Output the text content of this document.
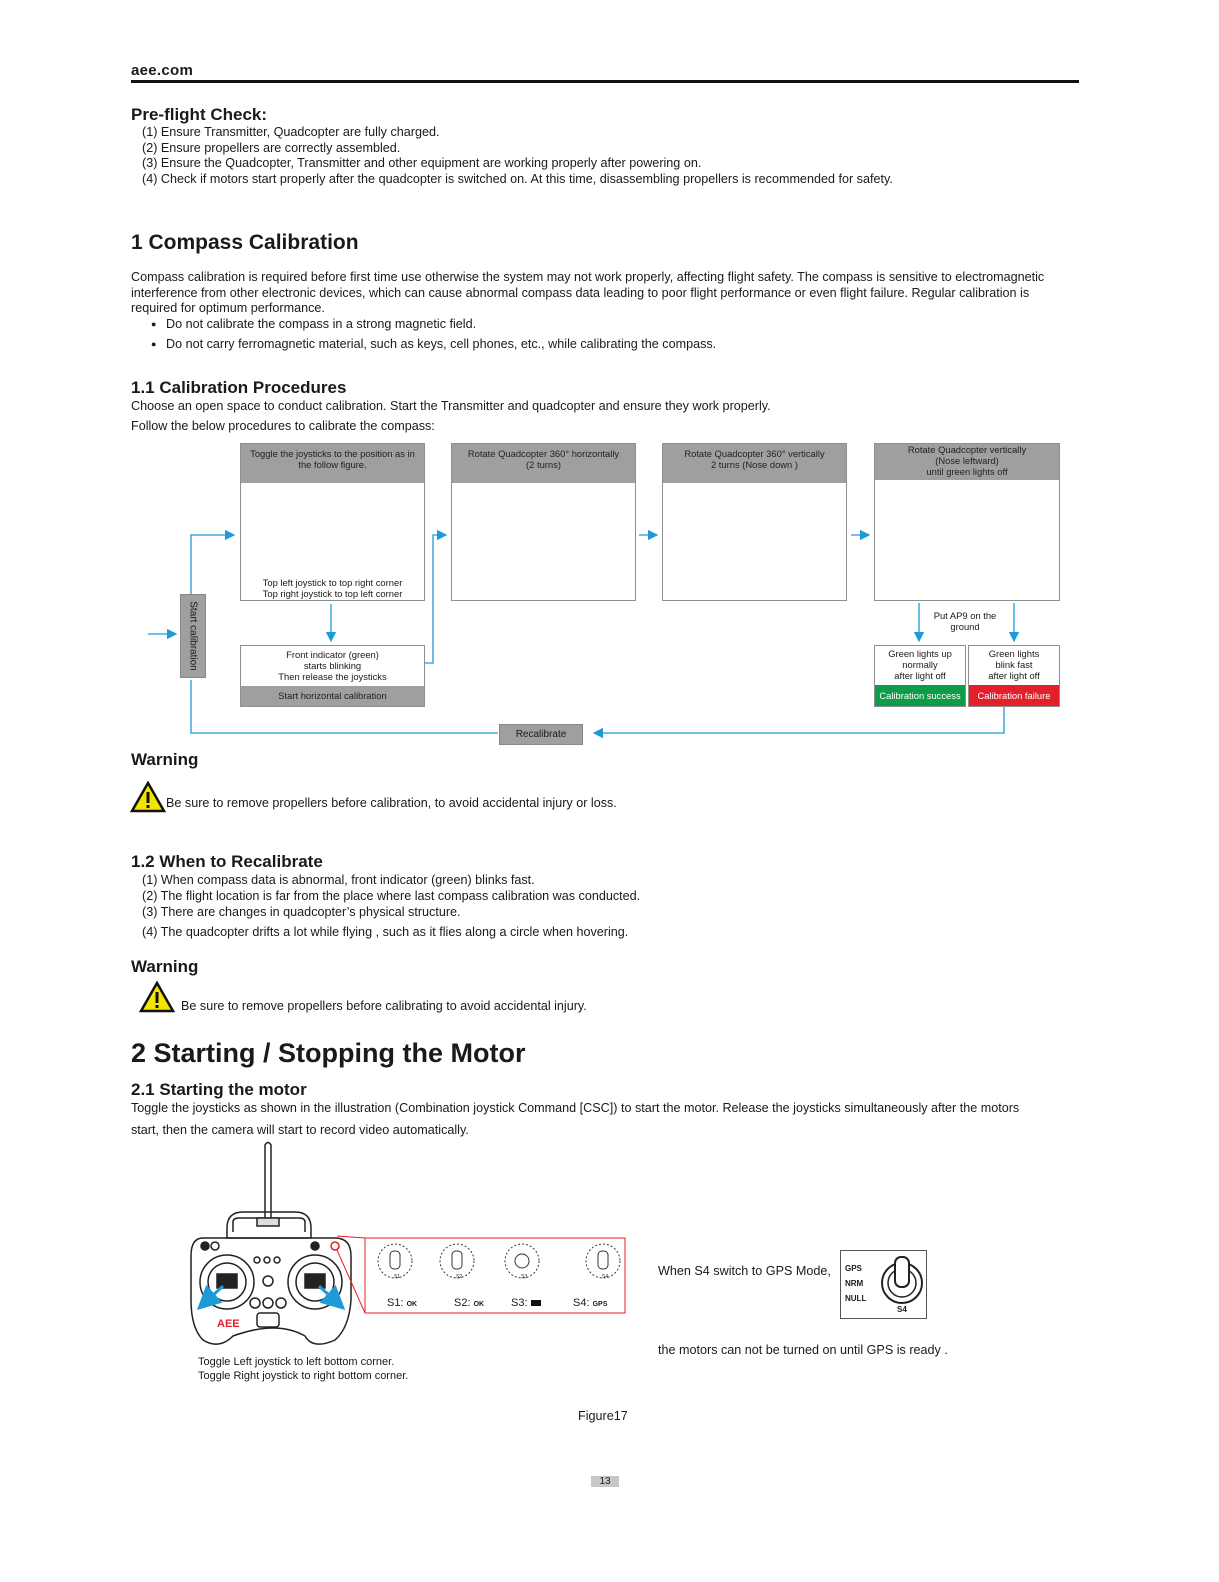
aee.com
Pre-flight Check:
(1) Ensure Transmitter, Quadcopter are fully charged.
(2) Ensure propellers are correctly assembled.
(3) Ensure the Quadcopter, Transmitter and other equipment are working properly after powering on.
(4) Check if motors start properly after the quadcopter is switched on. At this time, disassembling propellers is recommended for safety.
1 Compass Calibration
Compass calibration is required before first time use otherwise the system may not work properly, affecting flight safety. The compass is sensitive to electromagnetic
interference from other electronic devices, which can cause abnormal compass data leading to poor flight performance or even flight failure. Regular calibration is
required for optimum performance.
● Do not calibrate the compass in a strong magnetic field.
● Do not carry ferromagnetic material, such as keys, cell phones, etc., while calibrating the compass.
1.1 Calibration Procedures
Choose an open space to conduct calibration. Start the Transmitter and quadcopter and ensure they work properly.
Follow the below procedures to calibrate the compass:
Start calibration
Toggle the joysticks to the position as in
the follow figure.
Top left joystick to top right corner
Top right joystick to top left corner
Rotate Quadcopter 360° horizontally
(2 turns)
Rotate Quadcopter 360° vertically
2 turns (Nose down )
Rotate Quadcopter vertically
(Nose leftward)
until green lights off
Front indicator (green)
starts blinking
Then release the joysticks
Start horizontal calibration
Put AP9 on the
ground
Green lights up
normally
after light off
Calibration success
Green lights
blink fast
after light off
Calibration failure
Recalibrate
Warning
Be sure to remove propellers before calibration, to avoid accidental injury or loss.
1.2 When to Recalibrate
(1) When compass data is abnormal, front indicator (green) blinks fast.
(2) The flight location is far from the place where last compass calibration was conducted.
(3) There are changes in quadcopter’s physical structure.
(4) The quadcopter drifts a lot while flying , such as it flies along a circle when hovering.
Warning
Be sure to remove propellers before calibrating to avoid accidental injury.
2 Starting / Stopping the Motor
2.1 Starting the motor
Toggle the joysticks as shown in the illustration (Combination joystick Command [CSC]) to start the motor. Release the joysticks simultaneously after the motors
start, then the camera will start to record video automatically.
AEE
S1: OK	S2: OK S3:	S4: GPS
S1	S2	S3	S4
Toggle Left joystick to left bottom corner.
Toggle Right joystick to right bottom corner.
When S4 switch to GPS Mode, GPS
NRM
NULL
S4
the motors can not be turned on until GPS is ready .
Figure17
13
